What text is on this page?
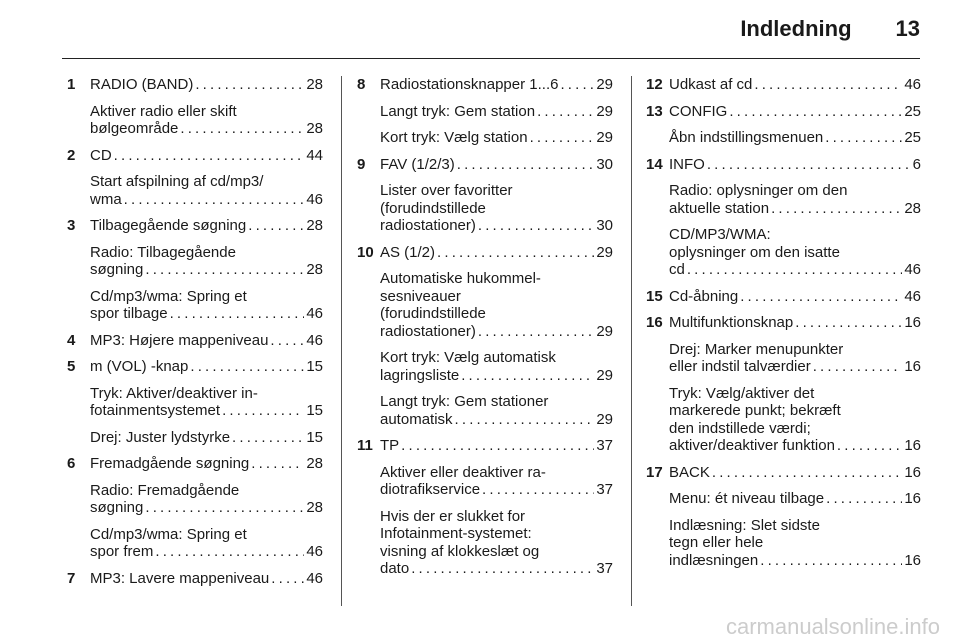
Indledning 13
1 RADIO (BAND) . . .	28
Aktiver radio eller skift
bølgeområde . . .	28
2 CD . . .	44
Start afspilning af cd/mp3/
wma . . .	46
3 Tilbagegående søgning . . .	28
Radio: Tilbagegående
søgning . . .	28
Cd/mp3/wma: Spring et
spor tilbage . . .	46
4 MP3: Højere mappeniveau . . .	46
5 m (VOL) -knap . . .	15
Tryk: Aktiver/deaktiver in-
fotainmentsystemet . . .	15
Drej: Juster lydstyrke . . .	15
6 Fremadgående søgning . . .	28
Radio: Fremadgående
søgning . . .	28
Cd/mp3/wma: Spring et
spor frem . . .	46
7 MP3: Lavere mappeniveau . . . 46
8 Radiostationsknapper 1...6 . . .	29
Langt tryk: Gem station . . .	29
Kort tryk: Vælg station . . .	29
9 FAV (1/2/3) . . .	30
Lister over favoritter
(forudindstillede
radiostationer) . . .	30
10 AS (1/2) . . .	29
Automatiske hukommel-
sesniveauer
(forudindstillede
radiostationer) . . .	29
Kort tryk: Vælg automatisk
lagringsliste . . .	29
Langt tryk: Gem stationer
automatisk . . .	29
11 TP . . .	37
Aktiver eller deaktiver ra-
diotrafikservice . . .	37
Hvis der er slukket for
Infotainment-systemet:
visning af klokkeslæt og
dato . . .	37
12 Udkast af cd . . .	46
13 CONFIG . . .	25
Åbn indstillingsmenuen . . .	25
14 INFO . . .	6
Radio: oplysninger om den
aktuelle station . . .	28
CD/MP3/WMA:
oplysninger om den isatte
cd . . .	46
15 Cd-åbning . . .	46
16 Multifunktionsknap . . .	16
Drej: Marker menupunkter
eller indstil talværdier . . .	16
Tryk: Vælg/aktiver det
markerede punkt; bekræft
den indstillede værdi;
aktiver/deaktiver funktion . . .	16
17 BACK . . .	16
Menu: ét niveau tilbage . . .	16
Indlæsning: Slet sidste
tegn eller hele
indlæsningen . . .	16
carmanualsonline.info
